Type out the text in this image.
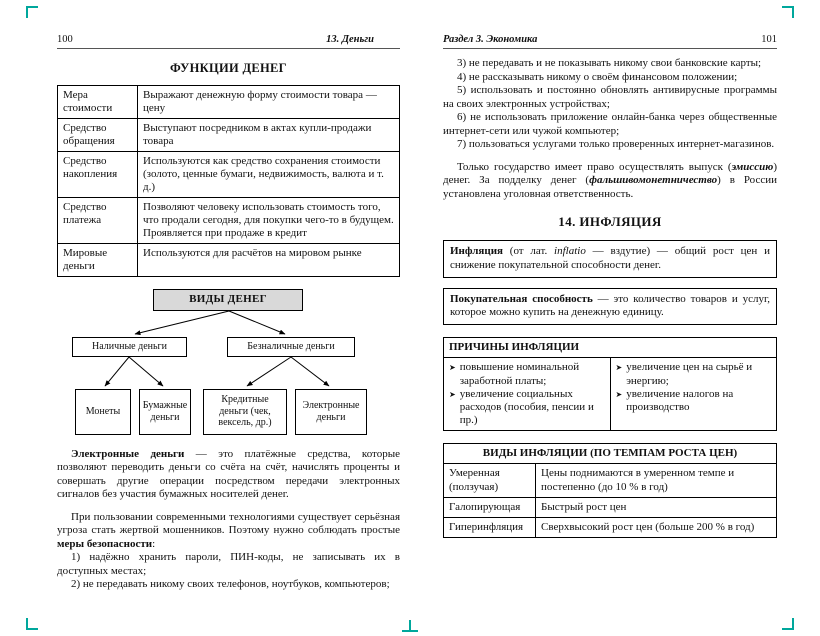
100	13. Деньги
ФУНКЦИИ ДЕНЕГ
Мера стоимости	Выражают денежную форму стоимости товара — цену
Средство обращения	Выступают посредником в актах купли-продажи товара
Средство накопления	Используются как средство сохранения стоимости (золото, ценные бумаги, недвижимость, валюта и т. д.)
Средство платежа	Позволяют человеку использовать стоимость того, что продали сегодня, для покупки чего-то в будущем. Проявляется при продаже в кредит
Мировые деньги	Используются для расчётов на мировом рынке
ВИДЫ ДЕНЕГ
Наличные деньги	Безналичные деньги
Монеты
Бумажные деньги
Кредитные деньги (чек, вексель, др.)
Электронные деньги

Электронные деньги — это платёжные средства, которые позволяют переводить деньги со счёта на счёт, начислять проценты и совершать другие операции посредством передачи электронных сигналов без участия бумажных носителей денег.

При пользовании современными технологиями существует серьёзная угроза стать жертвой мошенников. Поэтому нужно соблюдать простые меры безопасности:

1) надёжно хранить пароли, ПИН-коды, не записывать их в доступных местах;

2) не передавать никому своих телефонов, ноутбуков, компьютеров;

Раздел 3. Экономика	101

3) не передавать и не показывать никому свои банковские карты;

4) не рассказывать никому о своём финансовом положении;

5) использовать и постоянно обновлять антивирусные программы на своих электронных устройствах;

6) не использовать приложение онлайн-банка через общественные интернет-сети или чужой компьютер;

7) пользоваться услугами только проверенных интернет-магазинов.

Только государство имеет право осуществлять выпуск (эмиссию) денег. За подделку денег (фальшивомонетничество) в России установлена уголовная ответственность.

14. ИНФЛЯЦИЯ
Инфляция (от лат. inflatio — вздутие) — общий рост цен и снижение покупательной способности денег.
Покупательная способность — это количество товаров и услуг, которое можно купить на денежную единицу.
ПРИЧИНЫ ИНФЛЯЦИИ

➤ повышение номинальной заработной платы;
➤ увеличение социальных расходов (пособия, пенсии и пр.)

➤ увеличение цен на сырьё и энергию;
➤ увеличение налогов на производство
ВИДЫ ИНФЛЯЦИИ (ПО ТЕМПАМ РОСТА ЦЕН)	
Умеренная (ползучая)	Цены поднимаются в умеренном темпе и постепенно (до 10 % в год)
Галопирующая	Быстрый рост цен
Гиперинфляция	Сверхвысокий рост цен (больше 200 % в год)
